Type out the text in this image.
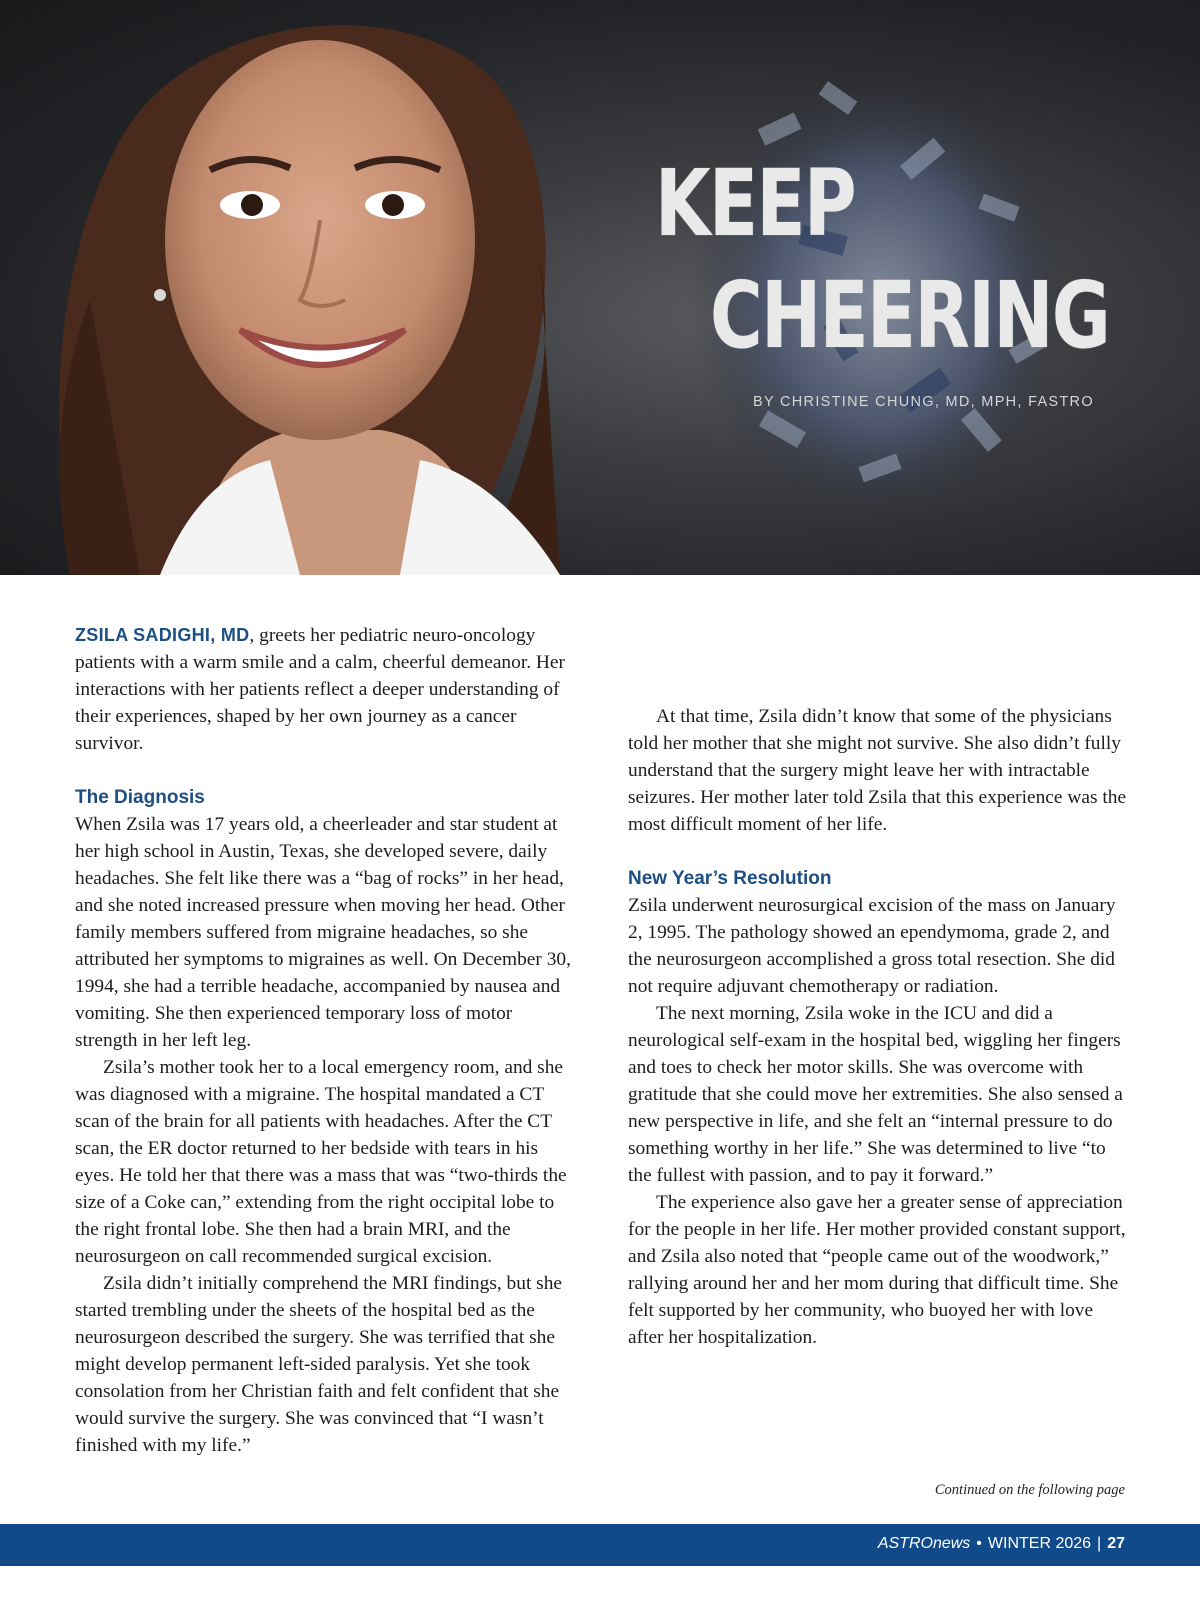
KEEP
CHEERING
BY CHRISTINE CHUNG, MD, MPH, FASTRO

ZSILA SADIGHI, MD, greets her pediatric neuro-oncology patients with a warm smile and a calm, cheerful demeanor. Her interactions with her patients reflect a deeper understanding of their experiences, shaped by her own journey as a cancer survivor.

The Diagnosis

When Zsila was 17 years old, a cheerleader and star student at her high school in Austin, Texas, she developed severe, daily headaches. She felt like there was a “bag of rocks” in her head, and she noted increased pressure when moving her head. Other family members suffered from migraine headaches, so she attributed her symptoms to migraines as well. On December 30, 1994, she had a terrible headache, accompanied by nausea and vomiting. She then experienced temporary loss of motor strength in her left leg.

Zsila’s mother took her to a local emergency room, and she was diagnosed with a migraine. The hospital mandated a CT scan of the brain for all patients with headaches. After the CT scan, the ER doctor returned to her bedside with tears in his eyes. He told her that there was a mass that was “two-thirds the size of a Coke can,” extending from the right occipital lobe to the right frontal lobe. She then had a brain MRI, and the neurosurgeon on call recommended surgical excision.

Zsila didn’t initially comprehend the MRI findings, but she started trembling under the sheets of the hospital bed as the neurosurgeon described the surgery. She was terrified that she might develop permanent left-sided paralysis. Yet she took consolation from her Christian faith and felt confident that she would survive the surgery. She was convinced that “I wasn’t finished with my life.”

At that time, Zsila didn’t know that some of the physicians told her mother that she might not survive. She also didn’t fully understand that the surgery might leave her with intractable seizures. Her mother later told Zsila that this experience was the most difficult moment of her life.

New Year’s Resolution

Zsila underwent neurosurgical excision of the mass on January 2, 1995. The pathology showed an ependymoma, grade 2, and the neurosurgeon accomplished a gross total resection. She did not require adjuvant chemotherapy or radiation.

The next morning, Zsila woke in the ICU and did a neurological self-exam in the hospital bed, wiggling her fingers and toes to check her motor skills. She was overcome with gratitude that she could move her extremities. She also sensed a new perspective in life, and she felt an “internal pressure to do something worthy in her life.” She was determined to live “to the fullest with passion, and to pay it forward.”

The experience also gave her a greater sense of appreciation for the people in her life. Her mother provided constant support, and Zsila also noted that “people came out of the woodwork,” rallying around her and her mom during that difficult time. She felt supported by her community, who buoyed her with love after her hospitalization.

Continued on the following page
ASTROnews • WINTER 2026 | 27
